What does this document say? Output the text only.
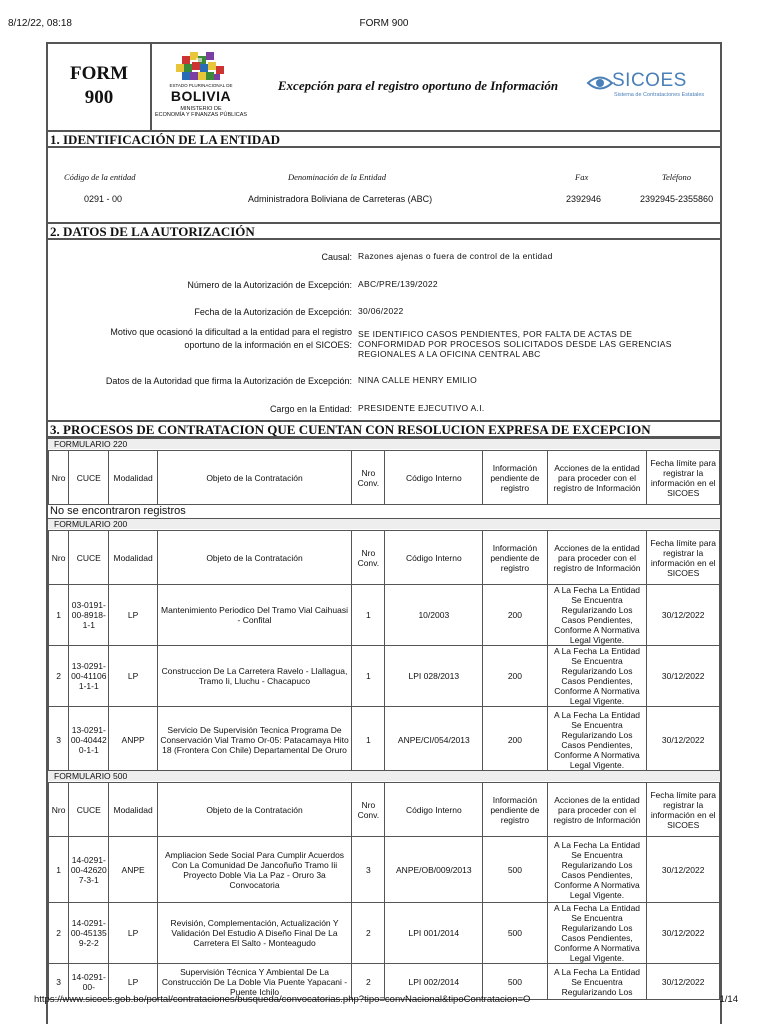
8/12/22, 08:18	FORM 900
FORM
900
ESTADO PLURINACIONAL DE
BOLIVIA
MINISTERIO DE
ECONOMÍA Y FINANZAS PÚBLICAS
Excepción para el registro oportuno de Información	SICOES
Sistema de Contrataciones Estatales
1. IDENTIFICACIÓN DE LA ENTIDAD
Código de la entidad	Denominación de la Entidad	Fax	Teléfono
0291 - 00	Administradora Boliviana de Carreteras (ABC)	2392946	2392945-2355860
2. DATOS DE LA AUTORIZACIÓN
Causal: Razones ajenas o fuera de control de la entidad
Número de la Autorización de Excepción: ABC/PRE/139/2022
Fecha de la Autorización de Excepción: 30/06/2022
Motivo que ocasionó la dificultad a la entidad para el registro
oportuno de la información en el SICOES:
SE IDENTIFICO CASOS PENDIENTES, POR FALTA DE ACTAS DE
CONFORMIDAD POR PROCESOS SOLICITADOS DESDE LAS GERENCIAS
REGIONALES A LA OFICINA CENTRAL ABC
Datos de la Autoridad que firma la Autorización de Excepción: NINA CALLE HENRY EMILIO
Cargo en la Entidad: PRESIDENTE EJECUTIVO A.I.
3. PROCESOS DE CONTRATACION QUE CUENTAN CON RESOLUCION EXPRESA DE EXCEPCION
FORMULARIO 220
Nro	CUCE	Modalidad	Objeto de la Contratación	Nro Conv.	Código Interno	Información pendiente de registro	Acciones de la entidad para proceder con el registro de Información	Fecha límite para registrar la información en el SICOES
No se encontraron registros
FORMULARIO 200
Nro	CUCE	Modalidad	Objeto de la Contratación	Nro Conv.	Código Interno	Información pendiente de registro	Acciones de la entidad para proceder con el registro de Información	Fecha límite para registrar la información en el SICOES
1	03-0191-00-8918-1-1	LP	Mantenimiento Periodico Del Tramo Vial Caihuasi - Confital	1	10/2003	200	A La Fecha La Entidad Se Encuentra Regularizando Los Casos Pendientes, Conforme A Normativa Legal Vigente.	30/12/2022
2	13-0291-00-411061-1-1	LP	Construccion De La Carretera Ravelo - Llallagua, Tramo Ii, Lluchu - Chacapuco	1	LPI 028/2013	200	A La Fecha La Entidad Se Encuentra Regularizando Los Casos Pendientes, Conforme A Normativa Legal Vigente.	30/12/2022
3	13-0291-00-404420-1-1	ANPP	Servicio De Supervisión Tecnica Programa De Conservación Vial Tramo Or-05: Patacamaya Hito 18 (Frontera Con Chile) Departamental De Oruro	1	ANPE/CI/054/2013	200	A La Fecha La Entidad Se Encuentra Regularizando Los Casos Pendientes, Conforme A Normativa Legal Vigente.	30/12/2022
FORMULARIO 500
Nro	CUCE	Modalidad	Objeto de la Contratación	Nro Conv.	Código Interno	Información pendiente de registro	Acciones de la entidad para proceder con el registro de Información	Fecha límite para registrar la información en el SICOES
1	14-0291-00-426207-3-1	ANPE	Ampliacion Sede Social Para Cumplir Acuerdos Con La Comunidad De Jancoñuño Tramo Iii Proyecto Doble Via La Paz - Oruro 3a Convocatoria	3	ANPE/OB/009/2013	500	A La Fecha La Entidad Se Encuentra Regularizando Los Casos Pendientes, Conforme A Normativa Legal Vigente.	30/12/2022
2	14-0291-00-451359-2-2	LP	Revisión, Complementación, Actualización Y Validación Del Estudio A Diseño Final De La Carretera El Salto - Monteagudo	2	LPI 001/2014	500	A La Fecha La Entidad Se Encuentra Regularizando Los Casos Pendientes, Conforme A Normativa Legal Vigente.	30/12/2022
3	14-0291-00-	LP	Supervisión Técnica Y Ambiental De La Construcción De La Doble Via Puente Yapacani - Puente Ichilo	2	LPI 002/2014	500	A La Fecha La Entidad Se Encuentra Regularizando Los	30/12/2022
https://www.sicoes.gob.bo/portal/contrataciones/busqueda/convocatorias.php?tipo=convNacional&tipoContratacion=O	1/14
